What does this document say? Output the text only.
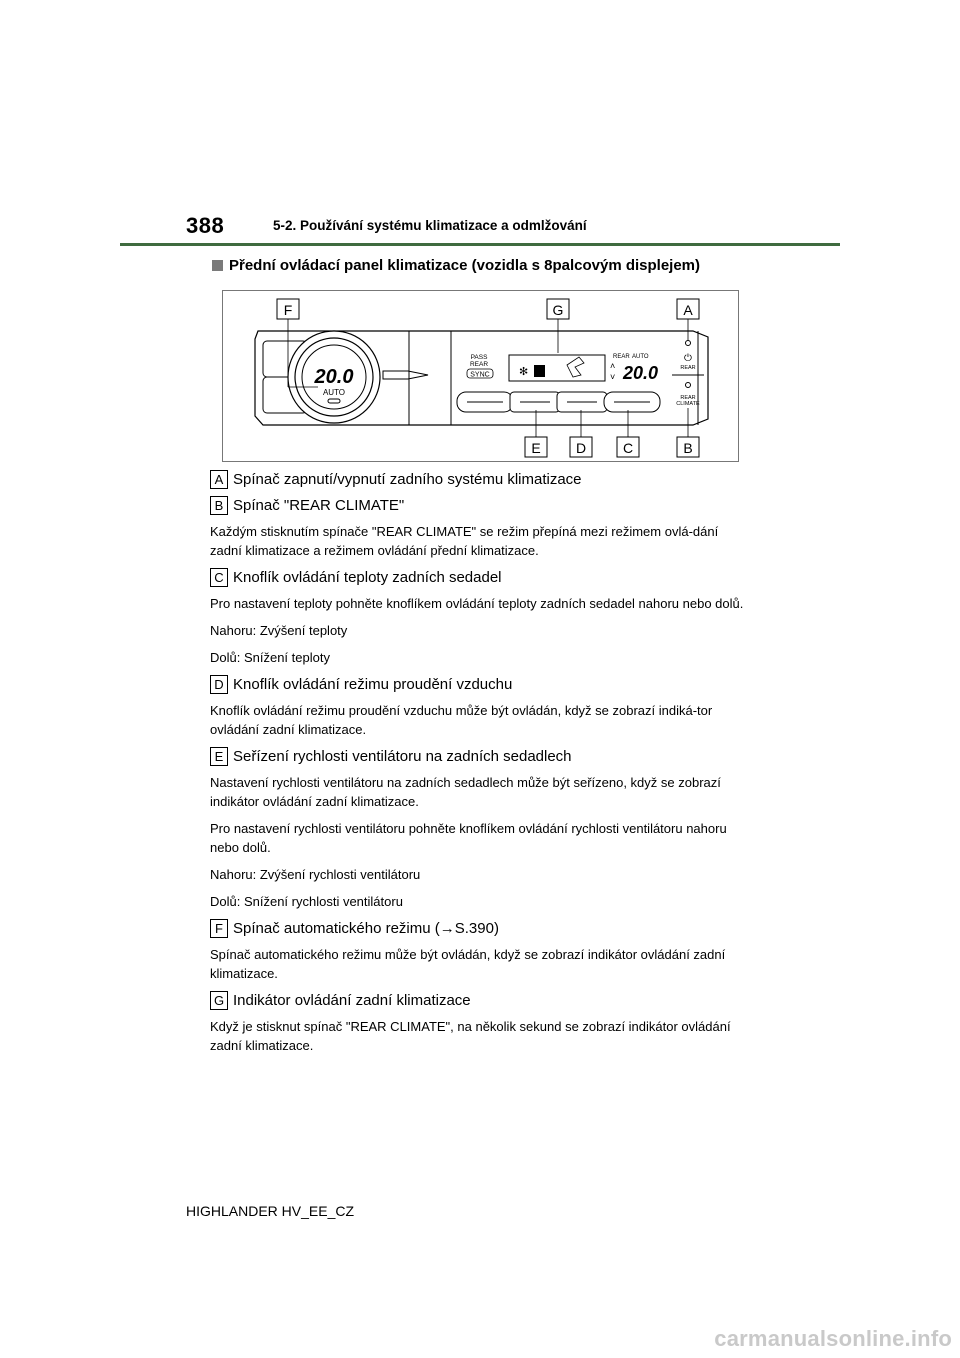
388	5-2. Používání systému klimatizace a odmlžování
Přední ovládací panel klimatizace (vozidla s 8palcovým displejem)
20.0
AUTO
PASS
REAR
SYNC	✻
REAR AUTO
˄
˅ 20.0
⏻
REAR
REAR
CLIMATE
F	G	A
E	D	C	B
A Spínač zapnutí/vypnutí zadního systému klimatizace
B Spínač "REAR CLIMATE"

Každým stisknutím spínače "REAR CLIMATE" se režim přepíná mezi režimem ovlá-dání zadní klimatizace a režimem ovládání přední klimatizace.

C Knoflík ovládání teploty zadních sedadel

Pro nastavení teploty pohněte knoflíkem ovládání teploty zadních sedadel nahoru nebo dolů.

Nahoru: Zvýšení teploty

Dolů: Snížení teploty

D Knoflík ovládání režimu proudění vzduchu

Knoflík ovládání režimu proudění vzduchu může být ovládán, když se zobrazí indiká-tor ovládání zadní klimatizace.

E Seřízení rychlosti ventilátoru na zadních sedadlech

Nastavení rychlosti ventilátoru na zadních sedadlech může být seřízeno, když se zobrazí indikátor ovládání zadní klimatizace.

Pro nastavení rychlosti ventilátoru pohněte knoflíkem ovládání rychlosti ventilátoru nahoru nebo dolů.

Nahoru: Zvýšení rychlosti ventilátoru

Dolů: Snížení rychlosti ventilátoru

F Spínač automatického režimu (→S.390)

Spínač automatického režimu může být ovládán, když se zobrazí indikátor ovládání zadní klimatizace.

G Indikátor ovládání zadní klimatizace

Když je stisknut spínač "REAR CLIMATE", na několik sekund se zobrazí indikátor ovládání zadní klimatizace.

HIGHLANDER HV_EE_CZ
carmanualsonline.info
